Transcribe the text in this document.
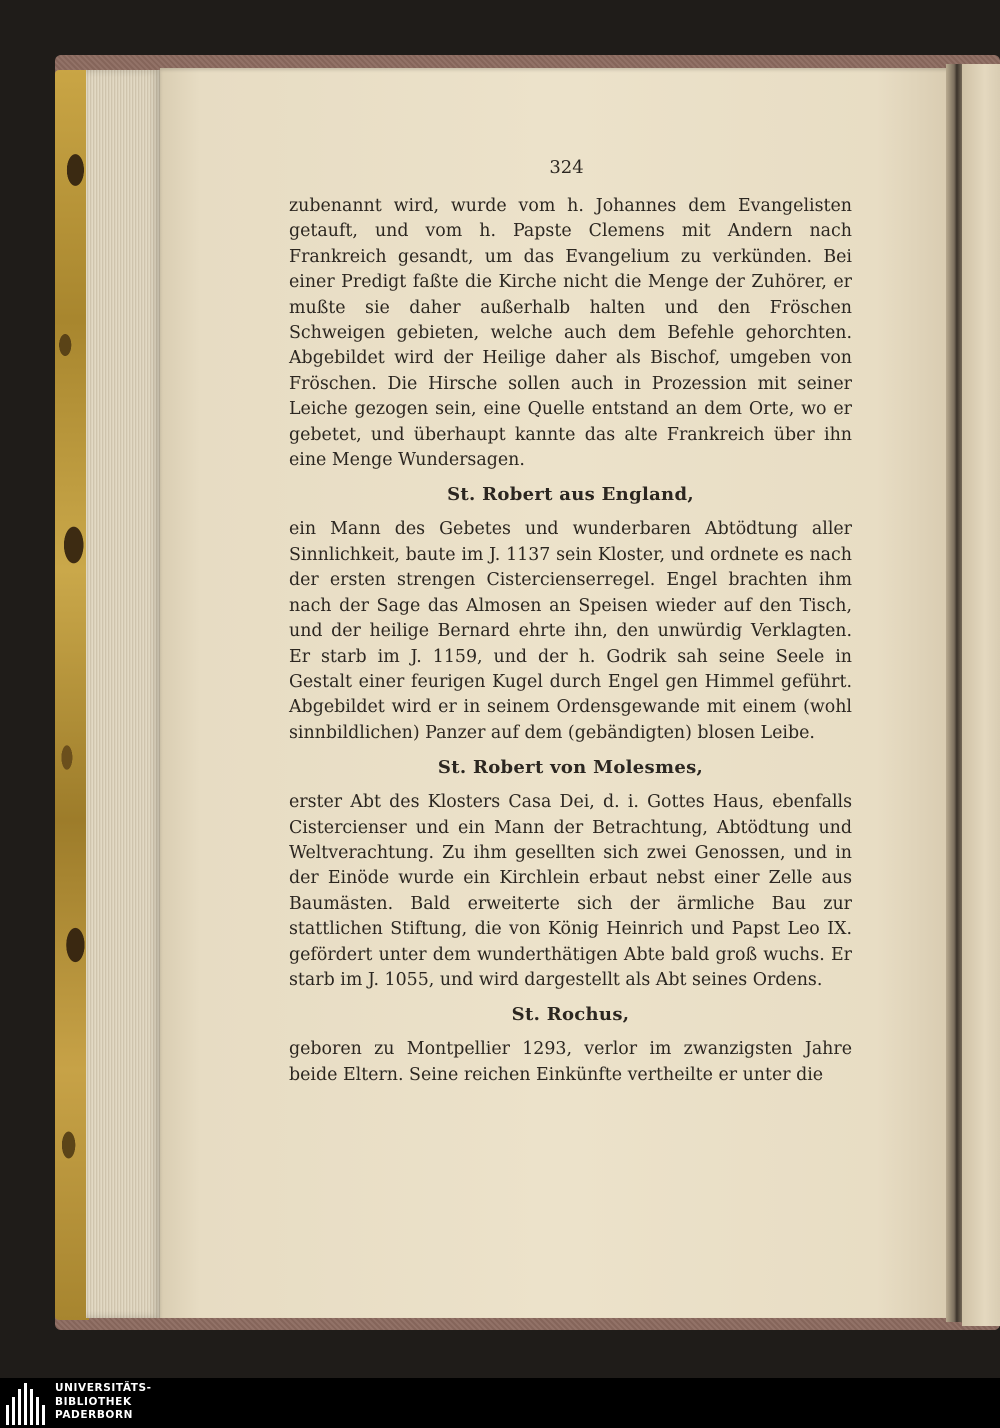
324

zubenannt wird, wurde vom h. Johannes dem Evangelisten getauft, und vom h. Papste Clemens mit Andern nach Frankreich gesandt, um das Evangelium zu verkünden. Bei einer Predigt faßte die Kirche nicht die Menge der Zuhörer, er mußte sie daher außerhalb halten und den Fröschen Schweigen gebieten, welche auch dem Befehle gehorchten. Abgebildet wird der Heilige daher als Bischof, umgeben von Fröschen. Die Hirsche sollen auch in Prozession mit seiner Leiche gezogen sein, eine Quelle entstand an dem Orte, wo er gebetet, und überhaupt kannte das alte Frankreich über ihn eine Menge Wundersagen.

St. Robert aus England,

ein Mann des Gebetes und wunderbaren Abtödtung aller Sinnlichkeit, baute im J. 1137 sein Kloster, und ordnete es nach der ersten strengen Cistercienserregel. Engel brachten ihm nach der Sage das Almosen an Speisen wieder auf den Tisch, und der heilige Bernard ehrte ihn, den unwürdig Verklagten. Er starb im J. 1159, und der h. Godrik sah seine Seele in Gestalt einer feurigen Kugel durch Engel gen Himmel geführt. Abgebildet wird er in seinem Ordensgewande mit einem (wohl sinnbildlichen) Panzer auf dem (gebändigten) blosen Leibe.

St. Robert von Molesmes,

erster Abt des Klosters Casa Dei, d. i. Gottes Haus, ebenfalls Cistercienser und ein Mann der Betrachtung, Abtödtung und Weltverachtung. Zu ihm gesellten sich zwei Genossen, und in der Einöde wurde ein Kirchlein erbaut nebst einer Zelle aus Baumästen. Bald erweiterte sich der ärmliche Bau zur stattlichen Stiftung, die von König Heinrich und Papst Leo IX. gefördert unter dem wunderthätigen Abte bald groß wuchs. Er starb im J. 1055, und wird dargestellt als Abt seines Ordens.

St. Rochus,

geboren zu Montpellier 1293, verlor im zwanzigsten Jahre beide Eltern. Seine reichen Einkünfte vertheilte er unter die

UNIVERSITÄTS-
BIBLIOTHEK
PADERBORN
